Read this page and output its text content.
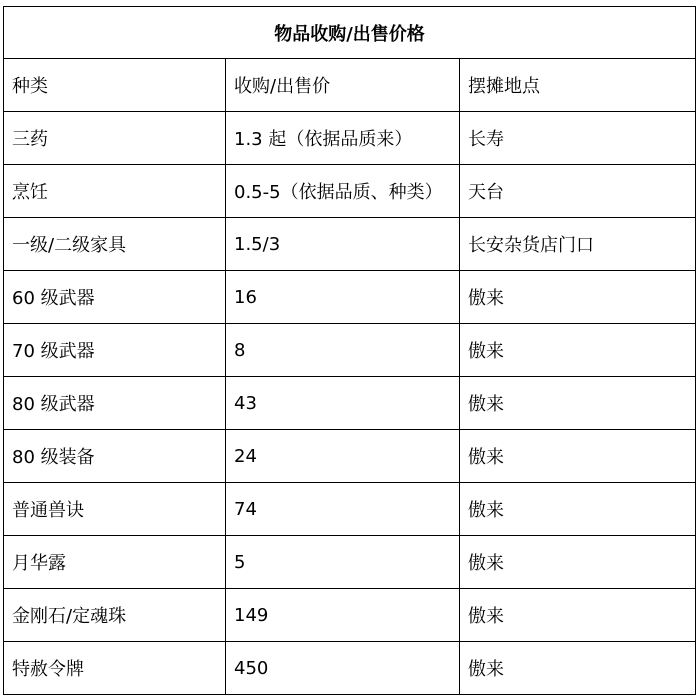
物品收购/出售价格		
种类	收购/出售价	摆摊地点
三药	1.3 起（依据品质来）	长寿
烹饪	0.5-5（依据品质、种类）	天台
一级/二级家具	1.5/3	长安杂货店门口
60 级武器	16	傲来
70 级武器	8	傲来
80 级武器	43	傲来
80 级装备	24	傲来
普通兽诀	74	傲来
月华露	5	傲来
金刚石/定魂珠	149	傲来
特赦令牌	450	傲来
